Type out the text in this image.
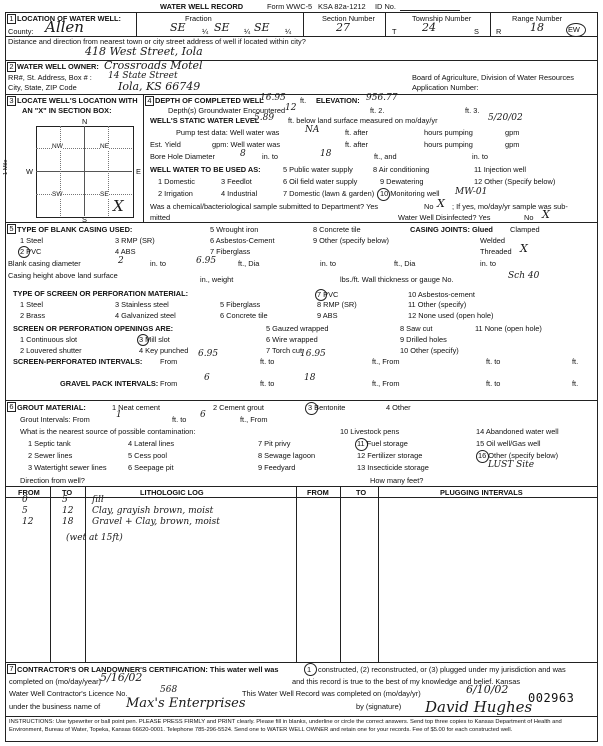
WATER WELL RECORD	Form WWC-5 KSA 82a-1212 ID No.
1 LOCATION OF WATER WELL:
County: Allen	Fraction
SE ¼ SE ¼ SE ¼
Section Number
27
Township Number
T 24	S
Range Number
R	18	EW
Distance and direction from nearest town or city street address of well if located within city?
418 West Street, Iola
2 WATER WELL OWNER: Crossroads Motel
RR#, St. Address, Box # : 14 State Street
City, State, ZIP Code	Iola, KS 66749
Board of Agriculture, Division of Water Resources
Application Number:
3 LOCATE WELL'S LOCATION WITH
AN "X" IN SECTION BOX:
N
S
W	E
1 Mile
NW	NE
SW	SE
X
4 DEPTH OF COMPLETED WELL
16.95 ft. ELEVATION: 956.77
Depth(s) Groundwater Encountered 12	ft. 2.	ft. 3.
WELL'S STATIC WATER LEVEL
5.89 ft. below land surface measured on mo/day/yr	5/20/02
Pump test data: Well water was	NA	ft. after	hours pumping	gpm
Est. Yield	gpm: Well water was	ft. after	hours pumping	gpm
Bore Hole Diameter	8 in. to	18	ft., and	in. to
WELL WATER TO BE USED AS:	5 Public water supply	8 Air conditioning	11 Injection well
1 Domestic	3 Feedlot	6 Oil field water supply	9 Dewatering	12 Other (Specify below)
2 Irrigation	4 Industrial	7 Domestic (lawn & garden) 10 Monitoring well MW-01
Was a chemical/bacteriological sample submitted to Department? Yes	No X ; If yes, mo/day/yr sample was sub-
mitted	Water Well Disinfected? Yes	No X
5 TYPE OF BLANK CASING USED:	5 Wrought iron	8 Concrete tile	CASING JOINTS: Glued Clamped
1 Steel	3 RMP (SR)	6 Asbestos-Cement	9 Other (specify below)	Welded
2 PVC	4 ABS	7 Fiberglass	Threaded X
Blank casing diameter	2	in. to	6.95	ft., Dia	in. to	ft., Dia	in. to
Casing height above land surface	in., weight	lbs./ft. Wall thickness or gauge No.	Sch 40
TYPE OF SCREEN OR PERFORATION MATERIAL:	7 PVC	10 Asbestos-cement
1 Steel	3 Stainless steel	5 Fiberglass	8 RMP (SR)	11 Other (specify)
2 Brass	4 Galvanized steel	6 Concrete tile	9 ABS	12 None used (open hole)
SCREEN OR PERFORATION OPENINGS ARE:	5 Gauzed wrapped	8 Saw cut	11 None (open hole)
1 Continuous slot	3 Mill slot	6 Wire wrapped	9 Drilled holes
2 Louvered shutter	4 Key punched	7 Torch cut	10 Other (specify)
SCREEN-PERFORATED INTERVALS: From
6.95
ft. to
16.95
ft., From	ft. to	ft.
GRAVEL PACK INTERVALS: From
6
ft. to
18
ft., From	ft. to	ft.
6 GROUT MATERIAL:	1 Neat cement	2 Cement grout	3 Bentonite	4 Other
Grout Intervals: From	1	ft. to 6	ft., From
What is the nearest source of possible contamination:	10 Livestock pens	14 Abandoned water well
1 Septic tank	4 Lateral lines	7 Pit privy	11 Fuel storage	15 Oil well/Gas well
2 Sewer lines	5 Cess pool	8 Sewage lagoon	12 Fertilizer storage	16 Other (specify below)
3 Watertight sewer lines	6 Seepage pit	9 Feedyard	13 Insecticide storage	LUST Site
Direction from well?	How many feet?
FROM	TO	LITHOLOGIC LOG	FROM	TO	PLUGGING INTERVALS
0	5	fill
5	12 Clay, grayish brown, moist
12	18 Gravel + Clay, brown, moist
(wet at 15ft)
7 CONTRACTOR'S OR LANDOWNER'S CERTIFICATION: This water well was	1 constructed, (2) reconstructed, or (3) plugged under my jurisdiction and was
completed on (mo/day/year)
5/16/02	and this record is true to the best of my knowledge and belief. Kansas
Water Well Contractor's Licence No.	568	This Water Well Record was completed on (mo/day/yr)	6/10/02
under the business name of Max's Enterprises	by (signature) David Hughes
002963
INSTRUCTIONS: Use typewriter or ball point pen. PLEASE PRESS FIRMLY and PRINT clearly. Please fill in blanks, underline or circle the correct answers. Send top three copies to Kansas Department of Health and Environment, Bureau of Water, Topeka, Kansas 66620-0001. Telephone 785-296-5524. Send one to WATER WELL OWNER and retain one for your records. Fee of $5.00 for each constructed well.
